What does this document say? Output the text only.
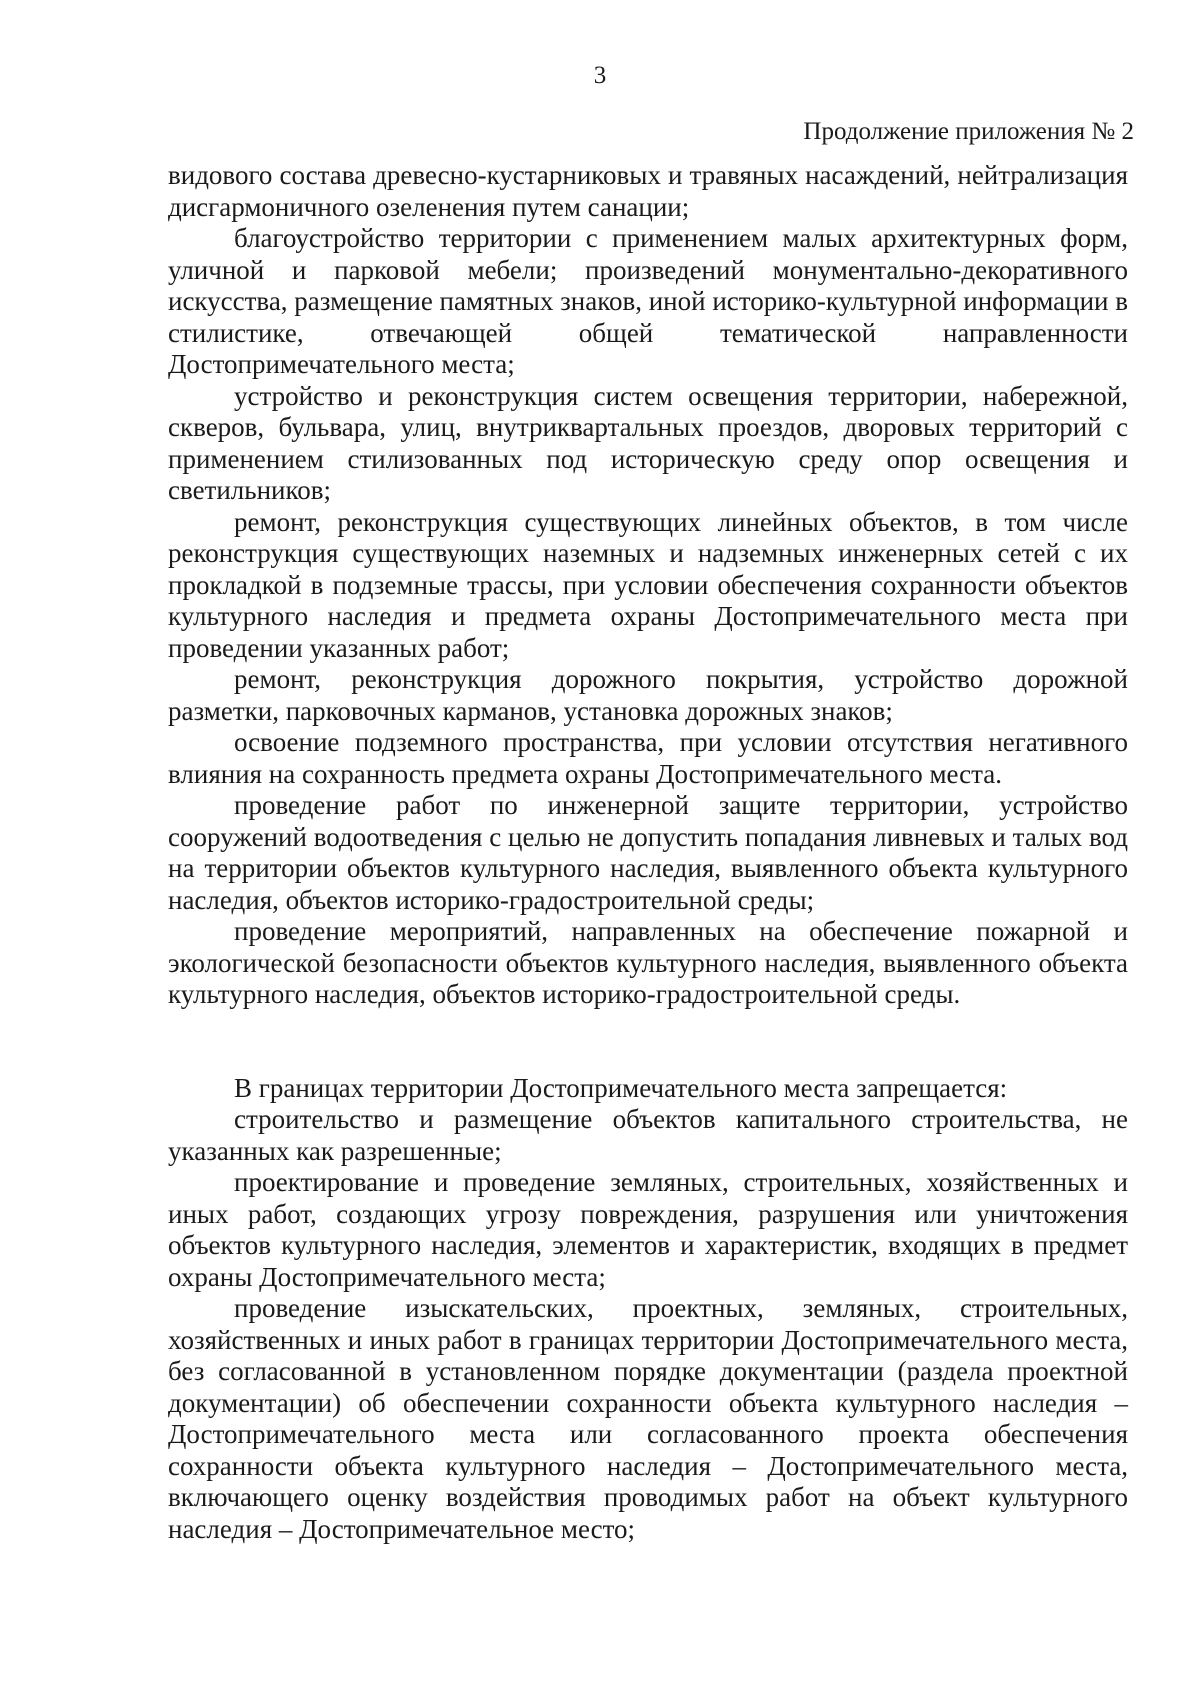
3
Продолжение приложения № 2

видового состава древесно-кустарниковых и травяных насаждений, нейтрализация дисгармоничного озеленения путем санации;

благоустройство территории с применением малых архитектурных форм, уличной и парковой мебели; произведений монументально-декоративного искусства, размещение памятных знаков, иной историко-культурной информации в стилистике, отвечающей общей тематической направленности Достопримечательного места;

устройство и реконструкция систем освещения территории, набережной, скверов, бульвара, улиц, внутриквартальных проездов, дворовых территорий с применением стилизованных под историческую среду опор освещения и светильников;

ремонт, реконструкция существующих линейных объектов, в том числе реконструкция существующих наземных и надземных инженерных сетей с их прокладкой в подземные трассы, при условии обеспечения сохранности объектов культурного наследия и предмета охраны Достопримечательного места при проведении указанных работ;

ремонт, реконструкция дорожного покрытия, устройство дорожной разметки, парковочных карманов, установка дорожных знаков;

освоение подземного пространства, при условии отсутствия негативного влияния на сохранность предмета охраны Достопримечательного места.

проведение работ по инженерной защите территории, устройство сооружений водоотведения с целью не допустить попадания ливневых и талых вод на территории объектов культурного наследия, выявленного объекта культурного наследия, объектов историко-градостроительной среды;

проведение мероприятий, направленных на обеспечение пожарной и экологической безопасности объектов культурного наследия, выявленного объекта культурного наследия, объектов историко-градостроительной среды.

В границах территории Достопримечательного места запрещается:

строительство и размещение объектов капитального строительства, не указанных как разрешенные;

проектирование и проведение земляных, строительных, хозяйственных и иных работ, создающих угрозу повреждения, разрушения или уничтожения объектов культурного наследия, элементов и характеристик, входящих в предмет охраны Достопримечательного места;

проведение изыскательских, проектных, земляных, строительных, хозяйственных и иных работ в границах территории Достопримечательного места, без согласованной в установленном порядке документации (раздела проектной документации) об обеспечении сохранности объекта культурного наследия – Достопримечательного места или согласованного проекта обеспечения сохранности объекта культурного наследия – Достопримечательного места, включающего оценку воздействия проводимых работ на объект культурного наследия – Достопримечательное место;
